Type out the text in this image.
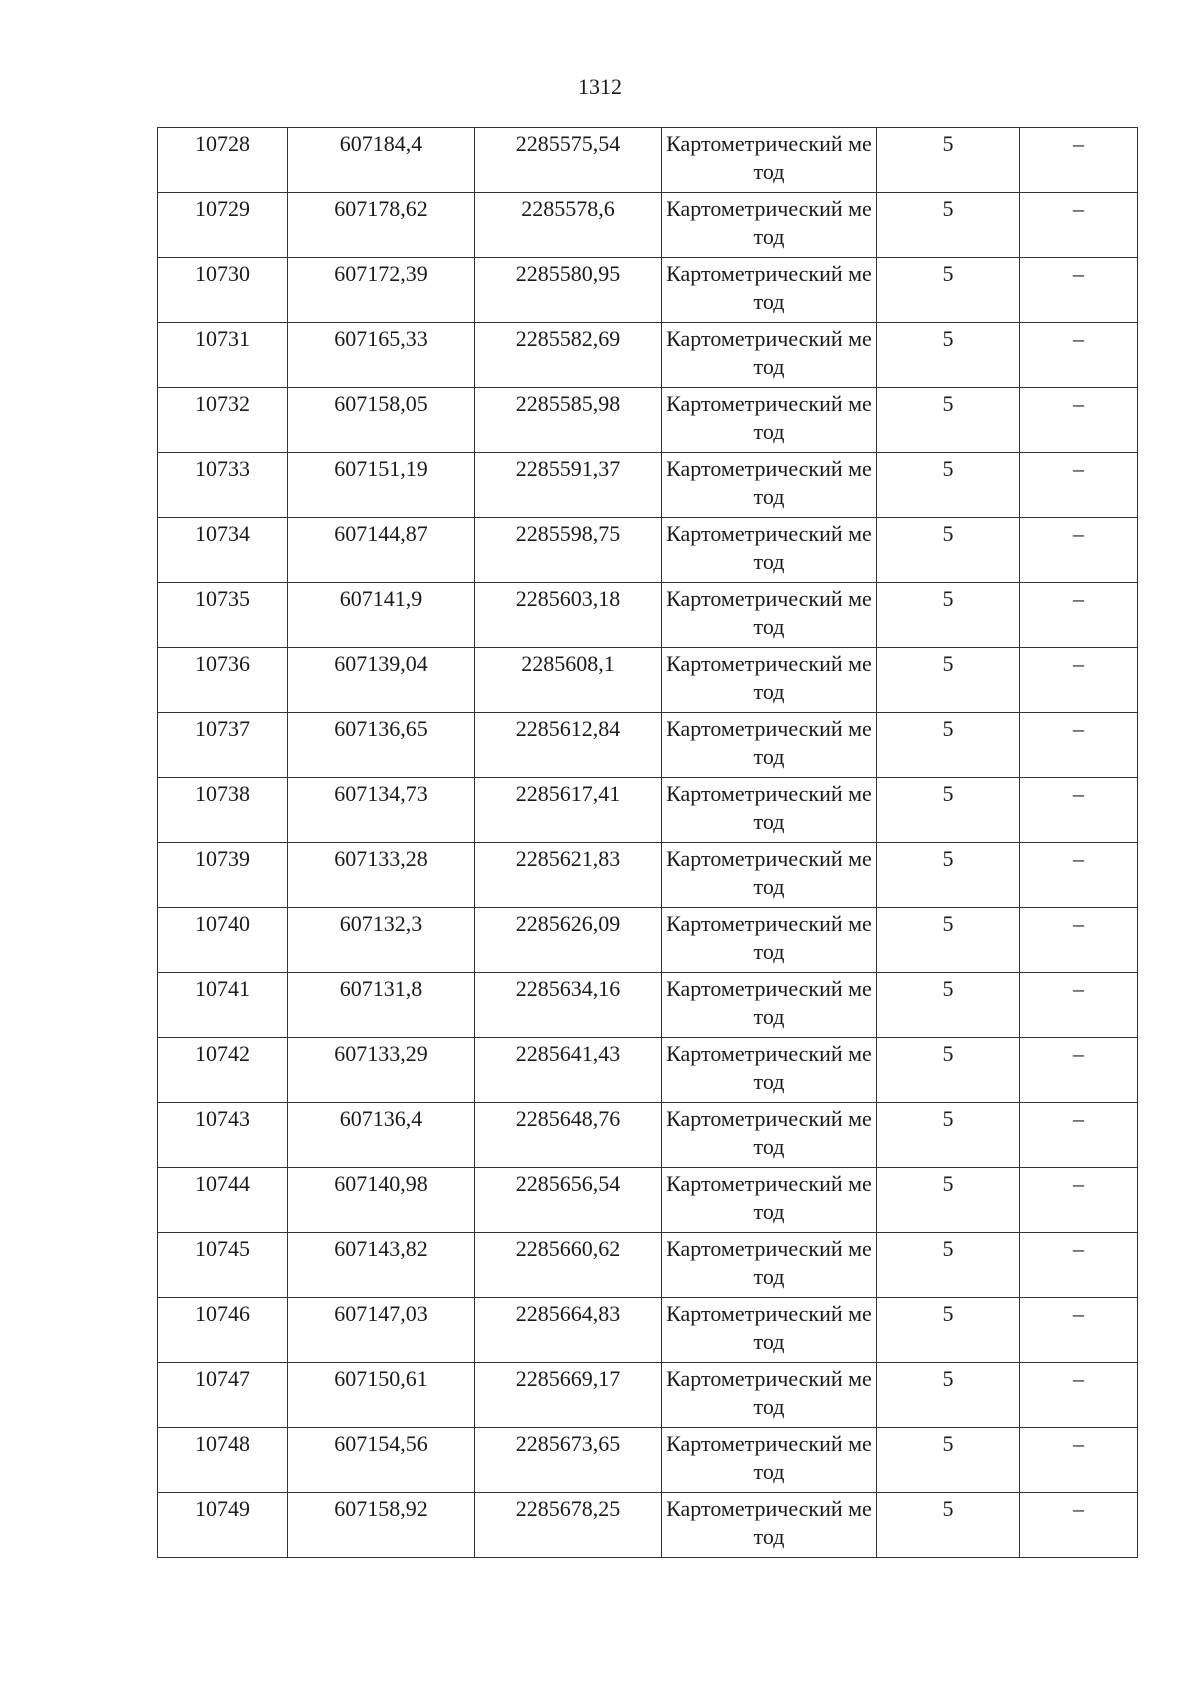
1312
10728	607184,4	2285575,54	Картометрический метод	5	–
10729	607178,62	2285578,6	Картометрический метод	5	–
10730	607172,39	2285580,95	Картометрический метод	5	–
10731	607165,33	2285582,69	Картометрический метод	5	–
10732	607158,05	2285585,98	Картометрический метод	5	–
10733	607151,19	2285591,37	Картометрический метод	5	–
10734	607144,87	2285598,75	Картометрический метод	5	–
10735	607141,9	2285603,18	Картометрический метод	5	–
10736	607139,04	2285608,1	Картометрический метод	5	–
10737	607136,65	2285612,84	Картометрический метод	5	–
10738	607134,73	2285617,41	Картометрический метод	5	–
10739	607133,28	2285621,83	Картометрический метод	5	–
10740	607132,3	2285626,09	Картометрический метод	5	–
10741	607131,8	2285634,16	Картометрический метод	5	–
10742	607133,29	2285641,43	Картометрический метод	5	–
10743	607136,4	2285648,76	Картометрический метод	5	–
10744	607140,98	2285656,54	Картометрический метод	5	–
10745	607143,82	2285660,62	Картометрический метод	5	–
10746	607147,03	2285664,83	Картометрический метод	5	–
10747	607150,61	2285669,17	Картометрический метод	5	–
10748	607154,56	2285673,65	Картометрический метод	5	–
10749	607158,92	2285678,25	Картометрический метод	5	–
